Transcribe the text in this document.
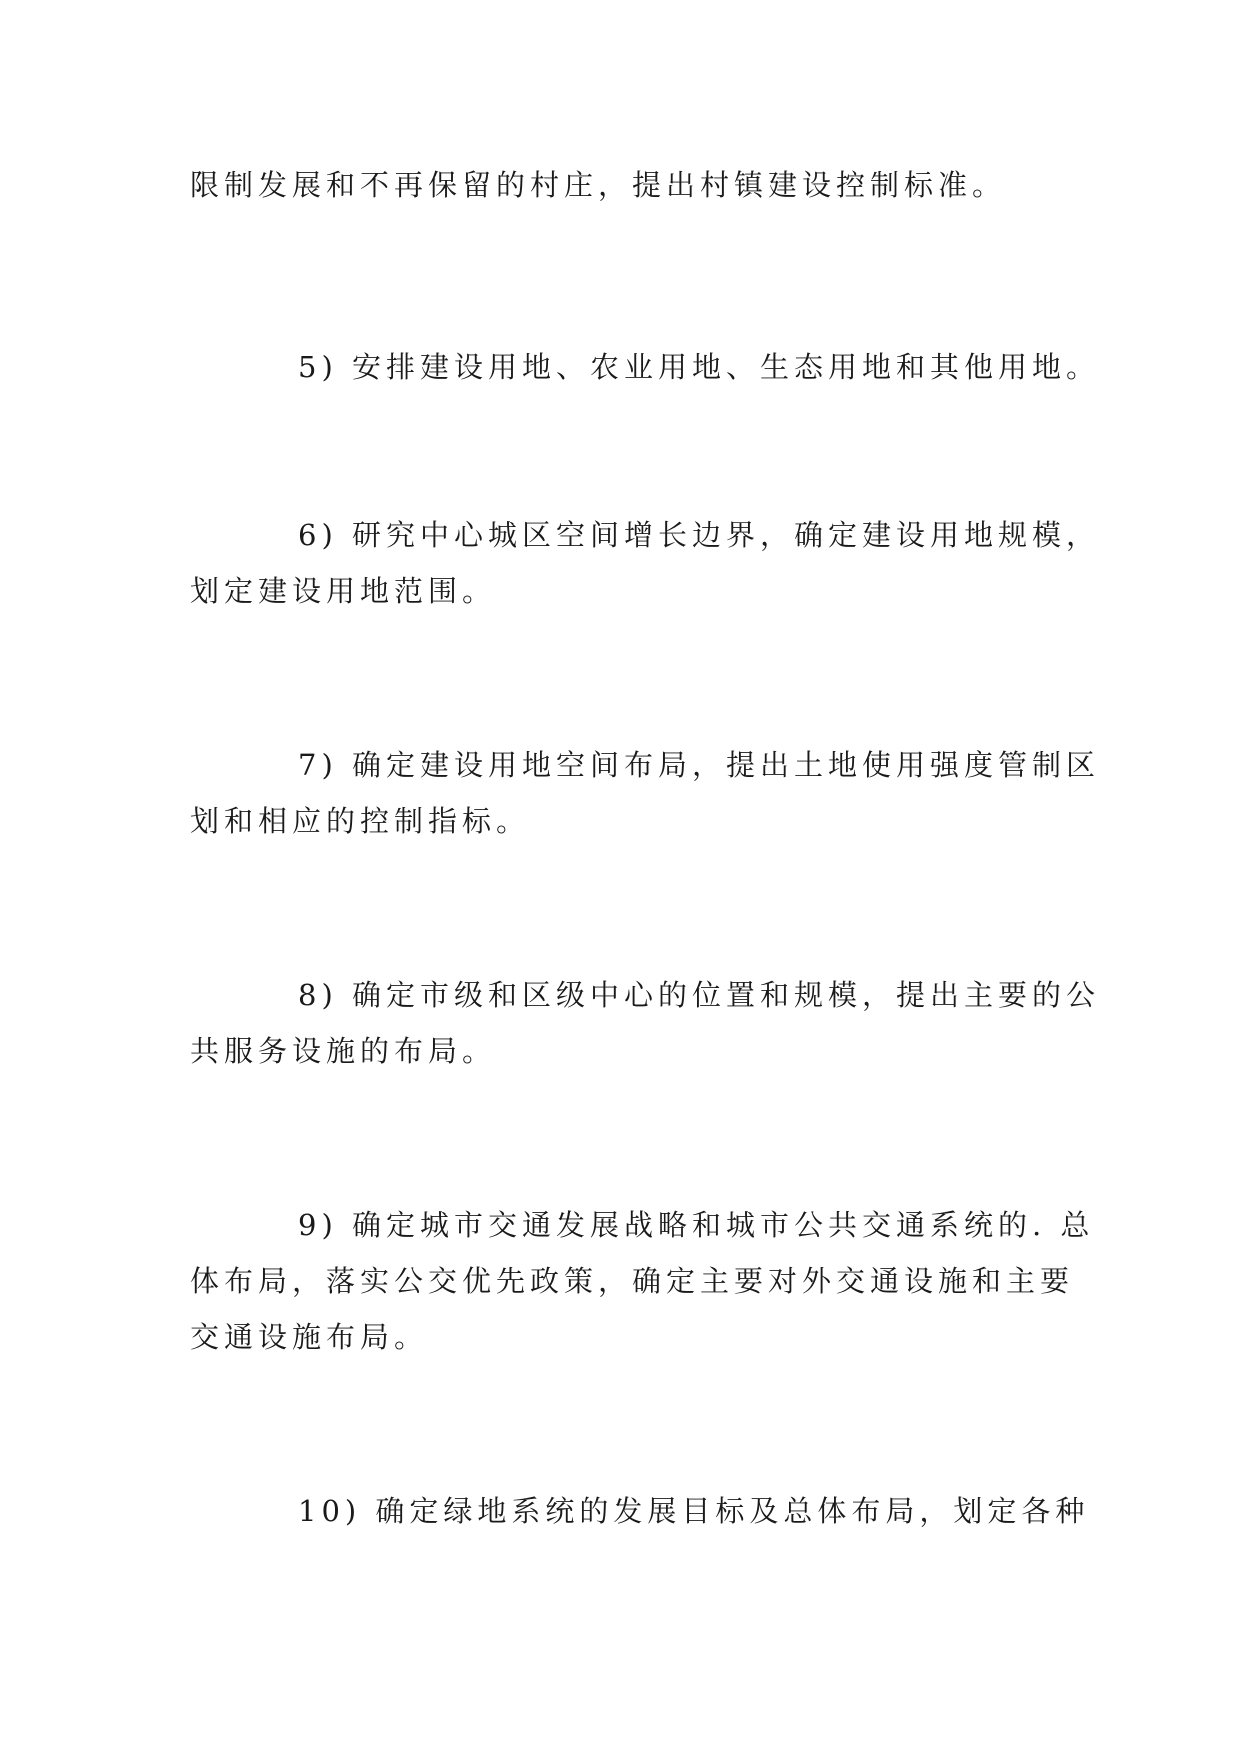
限制发展和不再保留的村庄，提出村镇建设控制标准。
5) 安排建设用地、农业用地、生态用地和其他用地。
6) 研究中心城区空间增长边界，确定建设用地规模，
划定建设用地范围。
7) 确定建设用地空间布局，提出土地使用强度管制区
划和相应的控制指标。
8) 确定市级和区级中心的位置和规模，提出主要的公
共服务设施的布局。
9) 确定城市交通发展战略和城市公共交通系统的. 总
体布局，落实公交优先政策，确定主要对外交通设施和主要
交通设施布局。
10) 确定绿地系统的发展目标及总体布局，划定各种
